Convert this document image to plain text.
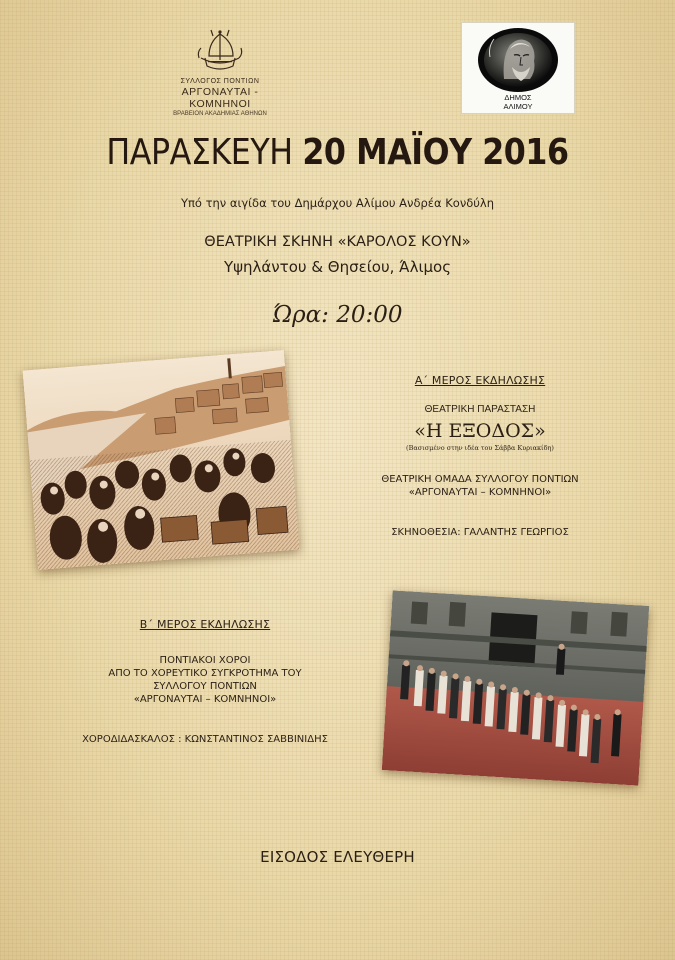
ΣΥΛΛΟΓΟΣ ΠΟΝΤΙΩΝ
ΑΡΓΟΝΑΥΤΑΙ - ΚΟΜΝΗΝΟΙ
ΒΡΑΒΕΙΟΝ ΑΚΑΔΗΜΙΑΣ ΑΘΗΝΩΝ
ΔΗΜΟΣ
ΑΛΙΜΟΥ
ΠΑΡΑΣΚΕΥΗ 20 ΜΑΪΟΥ 2016
Υπό την αιγίδα του Δημάρχου Αλίμου Ανδρέα Κονδύλη
ΘΕΑΤΡΙΚΗ ΣΚΗΝΗ «ΚΑΡΟΛΟΣ ΚΟΥΝ»
Υψηλάντου & Θησείου, Άλιμος
Ώρα: 20:00
Α΄ ΜΕΡΟΣ ΕΚΔΗΛΩΣΗΣ
ΘΕΑΤΡΙΚΗ ΠΑΡΑΣΤΑΣΗ
«Η ΕΞΟΔΟΣ»
(Βασισμένο στην ιδέα του Σάββα Κυριακίδη)
ΘΕΑΤΡΙΚΗ ΟΜΑΔΑ ΣΥΛΛΟΓΟΥ ΠΟΝΤΙΩΝ
«ΑΡΓΟΝΑΥΤΑΙ – ΚΟΜΝΗΝΟΙ»
ΣΚΗΝΟΘΕΣΙΑ: ΓΑΛΑΝΤΗΣ ΓΕΩΡΓΙΟΣ
Β΄ ΜΕΡΟΣ ΕΚΔΗΛΩΣΗΣ
ΠΟΝΤΙΑΚΟΙ ΧΟΡΟΙ
ΑΠΟ ΤΟ ΧΟΡΕΥΤΙΚΟ ΣΥΓΚΡΟΤΗΜΑ ΤΟΥ
ΣΥΛΛΟΓΟΥ ΠΟΝΤΙΩΝ
«ΑΡΓΟΝΑΥΤΑΙ – ΚΟΜΝΗΝΟΙ»
ΧΟΡΟΔΙΔΑΣΚΑΛΟΣ : ΚΩΝΣΤΑΝΤΙΝΟΣ ΣΑΒΒΙΝΙΔΗΣ
ΕΙΣΟΔΟΣ ΕΛΕΥΘΕΡΗ
